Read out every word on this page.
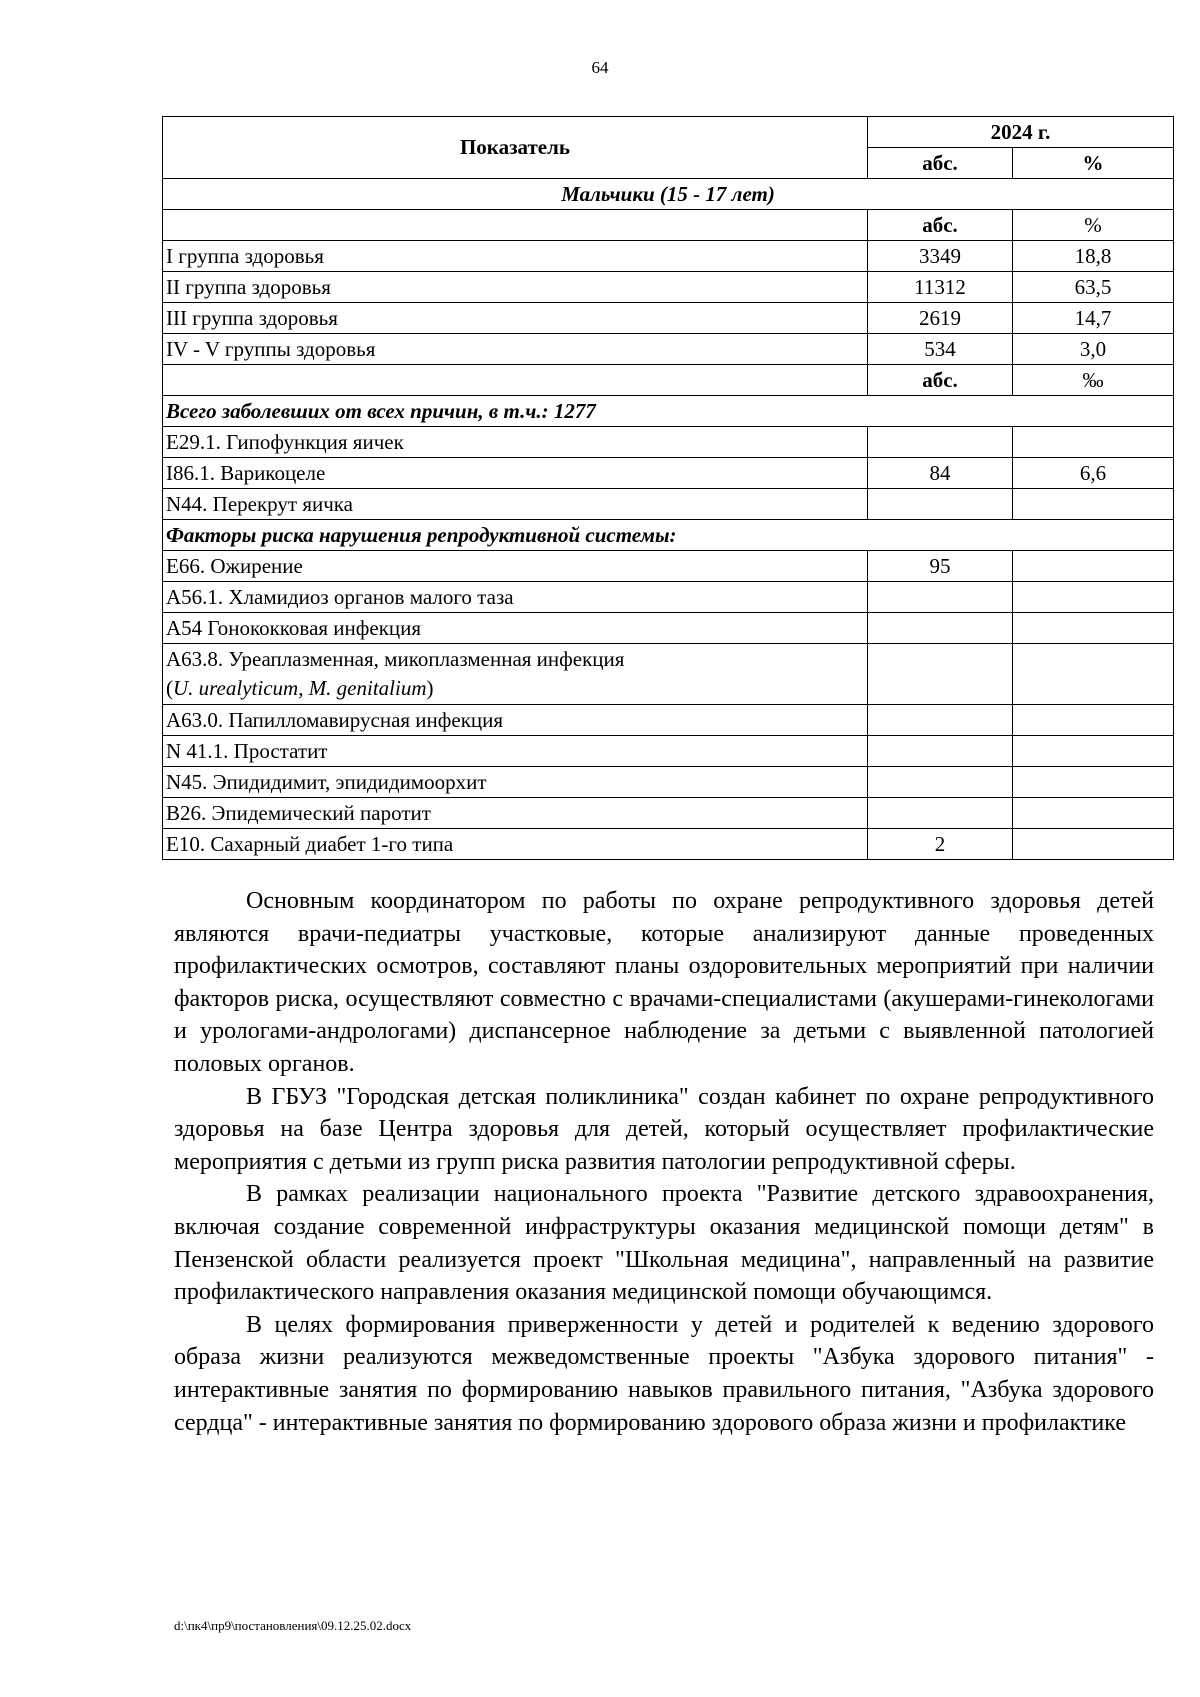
64
Показатель	2024 г.	
	абс.	%
Мальчики (15 - 17 лет)		
	абс.	%
I группа здоровья	3349	18,8
II группа здоровья	11312	63,5
III группа здоровья	2619	14,7
IV - V группы здоровья	534	3,0
	абс.	‰
Всего заболевших от всех причин, в т.ч.: 1277		
E29.1. Гипофункция яичек		
I86.1. Варикоцеле	84	6,6
N44. Перекрут яичка		
Факторы риска нарушения репродуктивной системы:		
E66. Ожирение	95	
A56.1. Хламидиоз органов малого таза		
A54 Гонококковая инфекция		
A63.8. Уреаплазменная, микоплазменная инфекция
(U. urealyticum, M. genitalium)		
A63.0. Папилломавирусная инфекция		
N 41.1. Простатит		
N45. Эпидидимит, эпидидимоорхит		
B26. Эпидемический паротит		
E10. Сахарный диабет 1-го типа	2	

Основным координатором по работы по охране репродуктивного здоровья детей являются врачи-педиатры участковые, которые анализируют данные проведенных профилактических осмотров, составляют планы оздоровительных мероприятий при наличии факторов риска, осуществляют совместно с врачами-специалистами (акушерами-гинекологами и урологами-андрологами) диспансерное наблюдение за детьми с выявленной патологией половых органов.

В ГБУЗ "Городская детская поликлиника" создан кабинет по охране репродуктивного здоровья на базе Центра здоровья для детей, который осуществляет профилактические мероприятия с детьми из групп риска развития патологии репродуктивной сферы.

В рамках реализации национального проекта "Развитие детского здравоохранения, включая создание современной инфраструктуры оказания медицинской помощи детям" в Пензенской области реализуется проект "Школьная медицина", направленный на развитие профилактического направления оказания медицинской помощи обучающимся.

В целях формирования приверженности у детей и родителей к ведению здорового образа жизни реализуются межведомственные проекты "Азбука здорового питания" - интерактивные занятия по формированию навыков правильного питания, "Азбука здорового сердца" - интерактивные занятия по формированию здорового образа жизни и профилактике

d:\пк4\пр9\постановления\09.12.25.02.docx
